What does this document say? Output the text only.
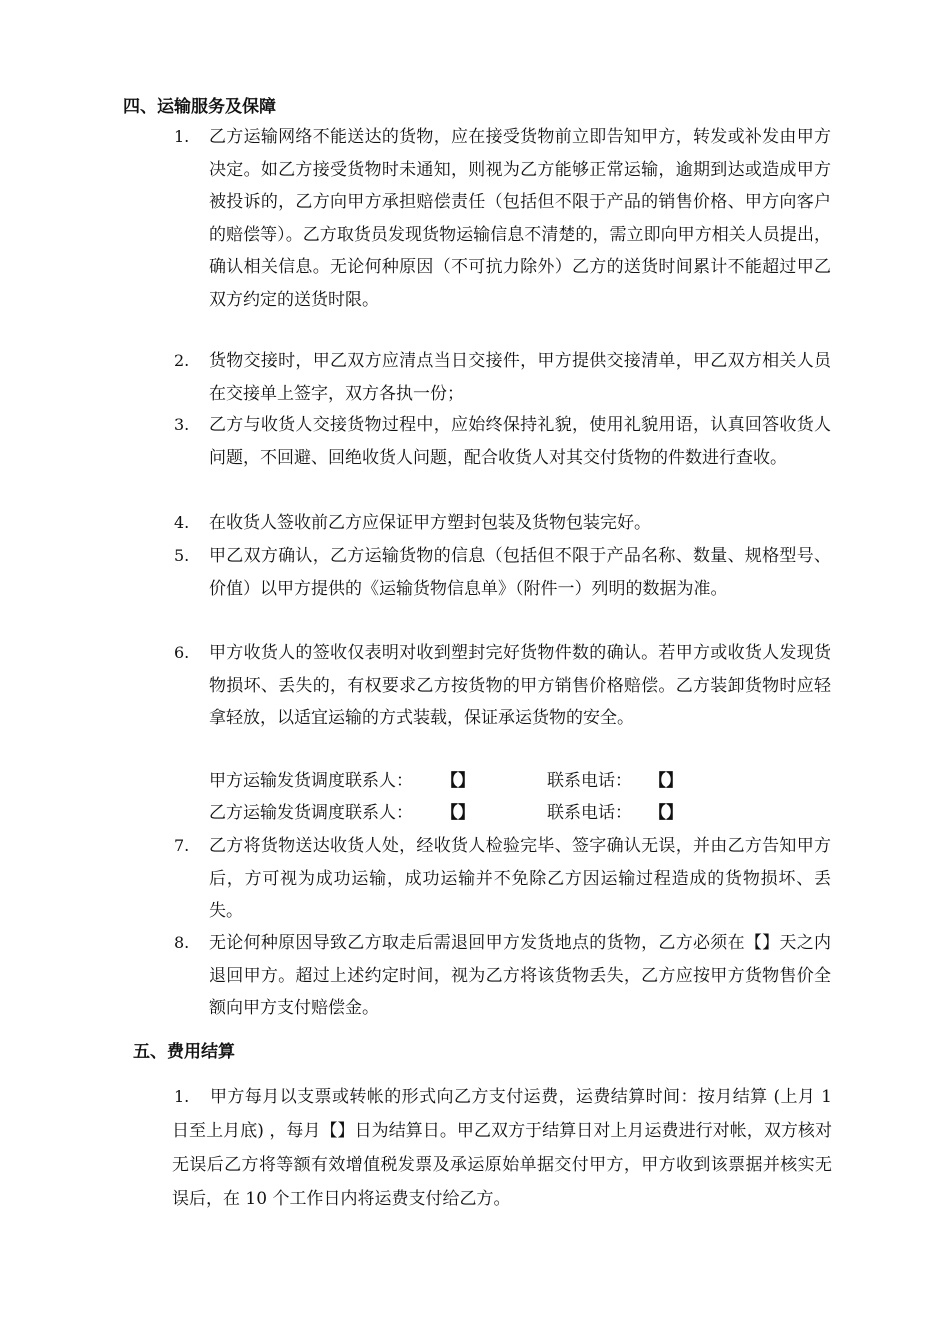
四、运输服务及保障
1.	乙方运输网络不能送达的货物，应在接受货物前立即告知甲方，转发或补发由甲方决定。如乙方接受货物时未通知，则视为乙方能够正常运输，逾期到达或造成甲方被投诉的，乙方向甲方承担赔偿责任（包括但不限于产品的销售价格、甲方向客户的赔偿等）。乙方取货员发现货物运输信息不清楚的，需立即向甲方相关人员提出，确认相关信息。无论何种原因（不可抗力除外）乙方的送货时间累计不能超过甲乙双方约定的送货时限。
2.	货物交接时，甲乙双方应清点当日交接件，甲方提供交接清单，甲乙双方相关人员在交接单上签字，双方各执一份；
3.	乙方与收货人交接货物过程中，应始终保持礼貌，使用礼貌用语，认真回答收货人问题，不回避、回绝收货人问题，配合收货人对其交付货物的件数进行查收。
4.	在收货人签收前乙方应保证甲方塑封包装及货物包装完好。
5.	甲乙双方确认，乙方运输货物的信息（包括但不限于产品名称、数量、规格型号、价值）以甲方提供的《运输货物信息单》（附件一）列明的数据为准。
6.	甲方收货人的签收仅表明对收到塑封完好货物件数的确认。若甲方或收货人发现货物损坏、丢失的，有权要求乙方按货物的甲方销售价格赔偿。乙方装卸货物时应轻拿轻放，以适宜运输的方式装载，保证承运货物的安全。
甲方运输发货调度联系人： 【】	联系电话： 【】
乙方运输发货调度联系人： 【】	联系电话： 【】
7.	乙方将货物送达收货人处，经收货人检验完毕、签字确认无误，并由乙方告知甲方后，方可视为成功运输，成功运输并不免除乙方因运输过程造成的货物损坏、丢失。
8.	无论何种原因导致乙方取走后需退回甲方发货地点的货物，乙方必须在【】天之内退回甲方。超过上述约定时间，视为乙方将该货物丢失，乙方应按甲方货物售价全额向甲方支付赔偿金。
五、费用结算
1.	甲方每月以支票或转帐的形式向乙方支付运费，运费结算时间：按月结算 (上月 1 日至上月底) ，每月【】日为结算日。甲乙双方于结算日对上月运费进行对帐，双方核对无误后乙方将等额有效增值税发票及承运原始单据交付甲方，甲方收到该票据并核实无误后，在 10 个工作日内将运费支付给乙方。
